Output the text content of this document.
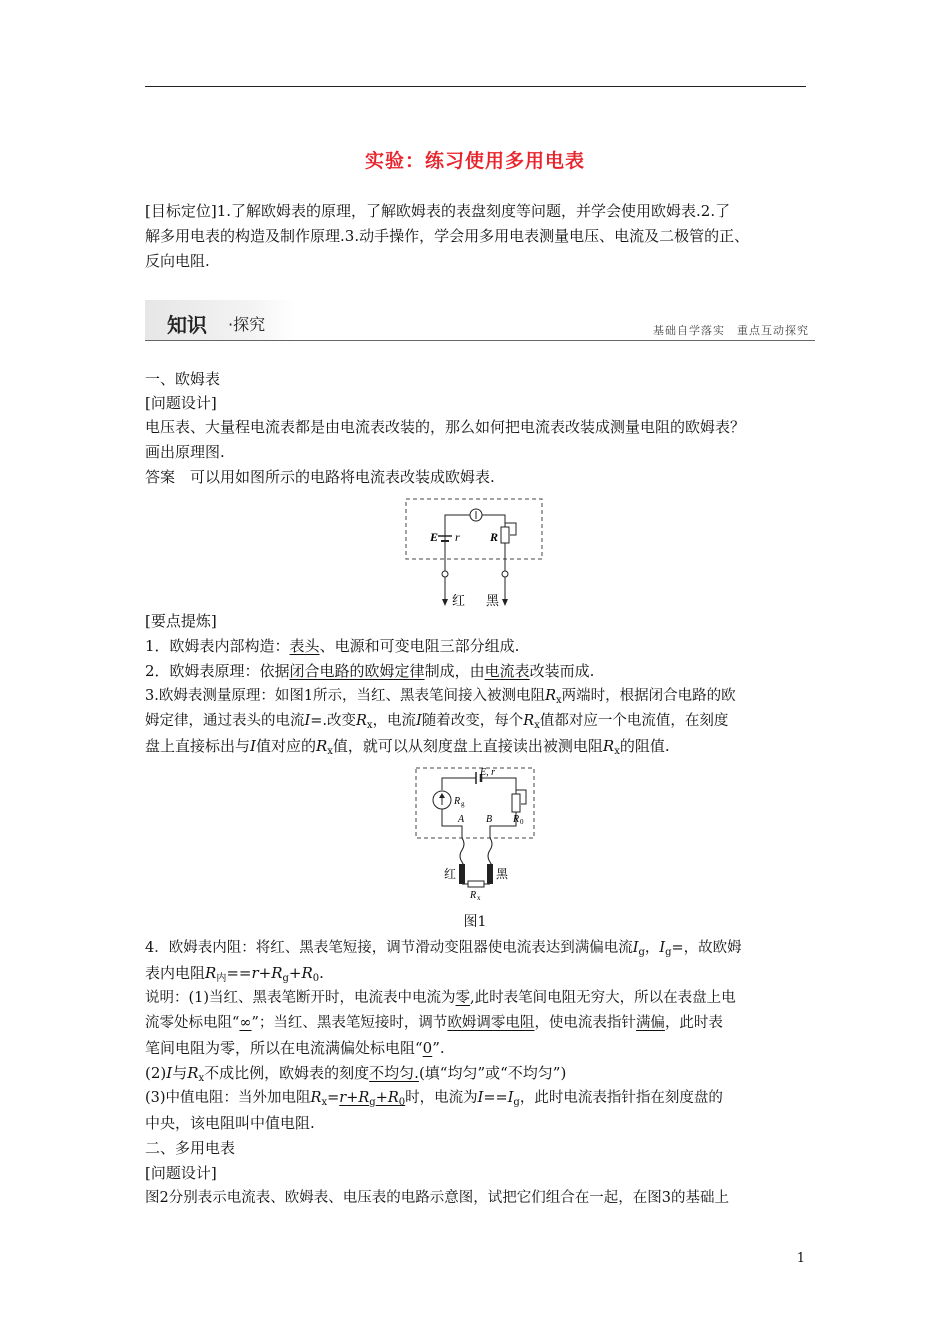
实验：练习使用多用电表
[目标定位]1.了解欧姆表的原理，了解欧姆表的表盘刻度等问题，并学会使用欧姆表.2.了
解多用电表的构造及制作原理.3.动手操作，学会用多用电表测量电压、电流及二极管的正、
反向电阻.
知识 ·探究	基础自学落实　重点互动探究
一、欧姆表
[问题设计]
电压表、大量程电流表都是由电流表改装的，那么如何把电流表改装成测量电阻的欧姆表？
画出原理图.
答案　可以用如图所示的电路将电流表改装成欧姆表.
E r	R
红 黑
[要点提炼]
1．欧姆表内部构造：表头、电源和可变电阻三部分组成.
2．欧姆表原理：依据闭合电路的欧姆定律制成，由电流表改装而成.
3.欧姆表测量原理：如图1所示，当红、黑表笔间接入被测电阻$R_x$两端时，根据闭合电路的欧
姆定律，通过表头的电流I=.改变$R_x$，电流I随着改变，每个$R_x$值都对应一个电流值，在刻度
盘上直接标出与I值对应的$R_x$值，就可以从刻度盘上直接读出被测电阻$R_x$的阻值.
E, r
R g
R 0
A B
红	黑
R x
图1
4．欧姆表内阻：将红、黑表笔短接，调节滑动变阻器使电流表达到满偏电流$I_g$，$I_g=$，故欧姆
表内电阻$R_内==r+R_g+R_0$.
说明：(1)当红、黑表笔断开时，电流表中电流为零,此时表笔间电阻无穷大，所以在表盘上电
流零处标电阻“∞”；当红、黑表笔短接时，调节欧姆调零电阻，使电流表指针满偏，此时表
笔间电阻为零，所以在电流满偏处标电阻“0”.
(2)I与$R_x$不成比例，欧姆表的刻度不均匀.(填“均匀”或“不均匀”)
(3)中值电阻：当外加电阻$R_x=r+R_g+R_0$时，电流为$I==I_g$，此时电流表指针指在刻度盘的
中央，该电阻叫中值电阻.
二、多用电表
[问题设计]
图2分别表示电流表、欧姆表、电压表的电路示意图，试把它们组合在一起，在图3的基础上
1
